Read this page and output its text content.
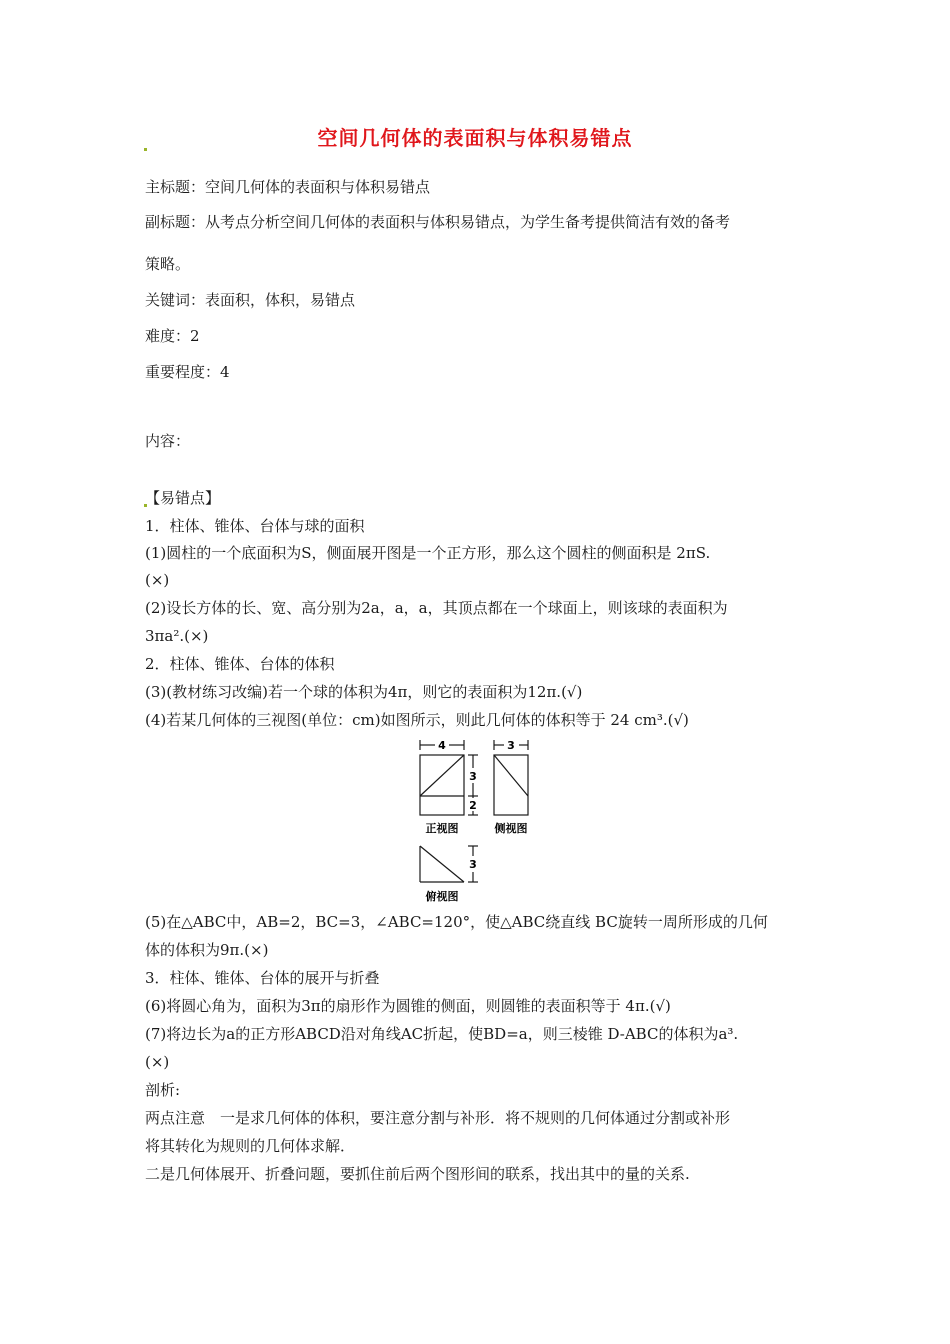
空间几何体的表面积与体积易错点
主标题：空间几何体的表面积与体积易错点
副标题：从考点分析空间几何体的表面积与体积易错点，为学生备考提供简洁有效的备考
策略。
关键词：表面积，体积，易错点
难度：2
重要程度：4
内容：
【易错点】
1．柱体、锥体、台体与球的面积
(1)圆柱的一个底面积为S，侧面展开图是一个正方形，那么这个圆柱的侧面积是 2πS.
(×)
(2)设长方体的长、宽、高分别为2a，a，a，其顶点都在一个球面上，则该球的表面积为
3πa².(×)
2．柱体、锥体、台体的体积
(3)(教材练习改编)若一个球的体积为4π，则它的表面积为12π.(√)
(4)若某几何体的三视图(单位：cm)如图所示，则此几何体的体积等于 24 cm³.(√)
4	3
3
2
3
正视图	侧视图
俯视图
(5)在△ABC中，AB=2，BC=3，∠ABC=120°，使△ABC绕直线 BC旋转一周所形成的几何
体的体积为9π.(×)
3．柱体、锥体、台体的展开与折叠
(6)将圆心角为，面积为3π的扇形作为圆锥的侧面，则圆锥的表面积等于 4π.(√)
(7)将边长为a的正方形ABCD沿对角线AC折起，使BD=a，则三棱锥 D-ABC的体积为a³.
(×)
剖析:
两点注意　一是求几何体的体积，要注意分割与补形．将不规则的几何体通过分割或补形
将其转化为规则的几何体求解．
二是几何体展开、折叠问题，要抓住前后两个图形间的联系，找出其中的量的关系.
